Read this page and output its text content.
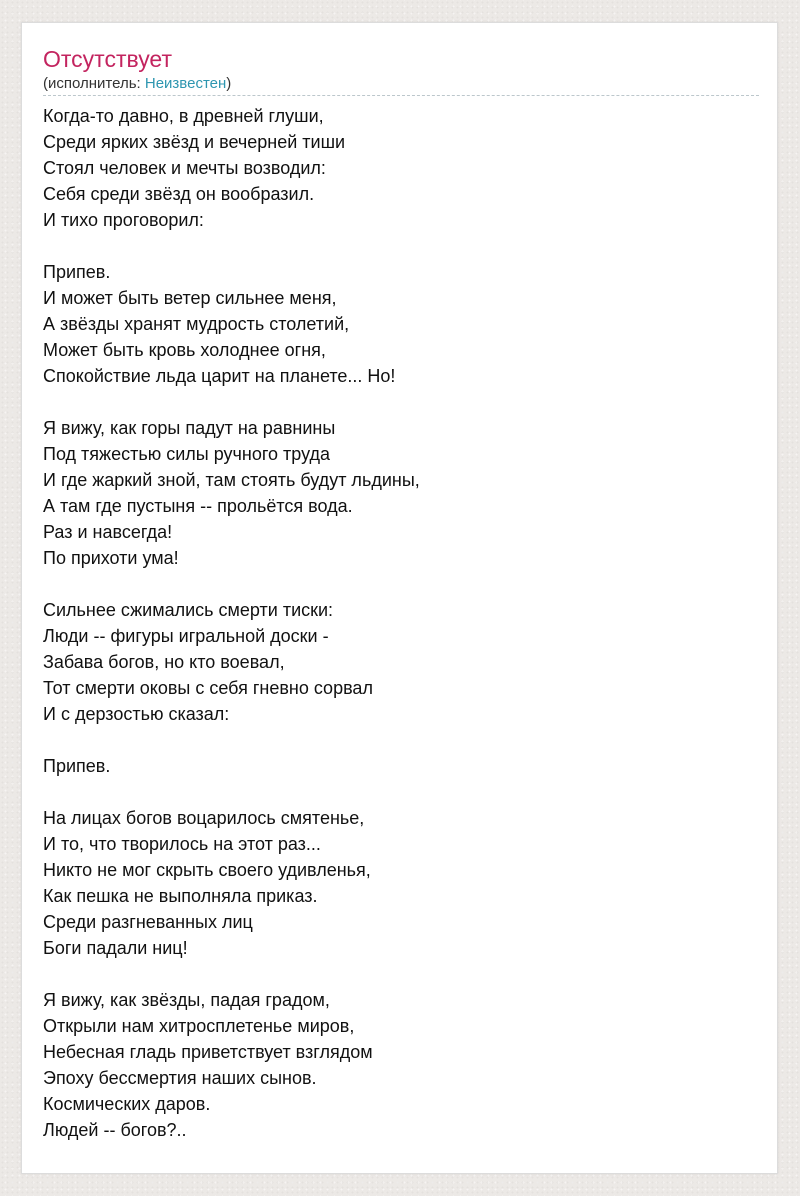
Отсутствует
(исполнитель: Неизвестен)
Когда-то давно, в древней глуши,
Среди ярких звёзд и вечерней тиши
Стоял человек и мечты возводил:
Себя среди звёзд он вообразил.
И тихо проговорил:
Припев.
И может быть ветер сильнее меня,
А звёзды хранят мудрость столетий,
Может быть кровь холоднее огня,
Спокойствие льда царит на планете... Но!
Я вижу, как горы падут на равнины
Под тяжестью силы ручного труда
И где жаркий зной, там стоять будут льдины,
А там где пустыня -- прольётся вода.
Раз и навсегда!
По прихоти ума!
Сильнее сжимались смерти тиски:
Люди -- фигуры игральной доски -
Забава богов, но кто воевал,
Тот смерти оковы с себя гневно сорвал
И с дерзостью сказал:
Припев.
На лицах богов воцарилось смятенье,
И то, что творилось на этот раз...
Никто не мог скрыть своего удивленья,
Как пешка не выполняла приказ.
Среди разгневанных лиц
Боги падали ниц!
Я вижу, как звёзды, падая градом,
Открыли нам хитросплетенье миров,
Небесная гладь приветствует взглядом
Эпоху бессмертия наших сынов.
Космических даров.
Людей -- богов?..
